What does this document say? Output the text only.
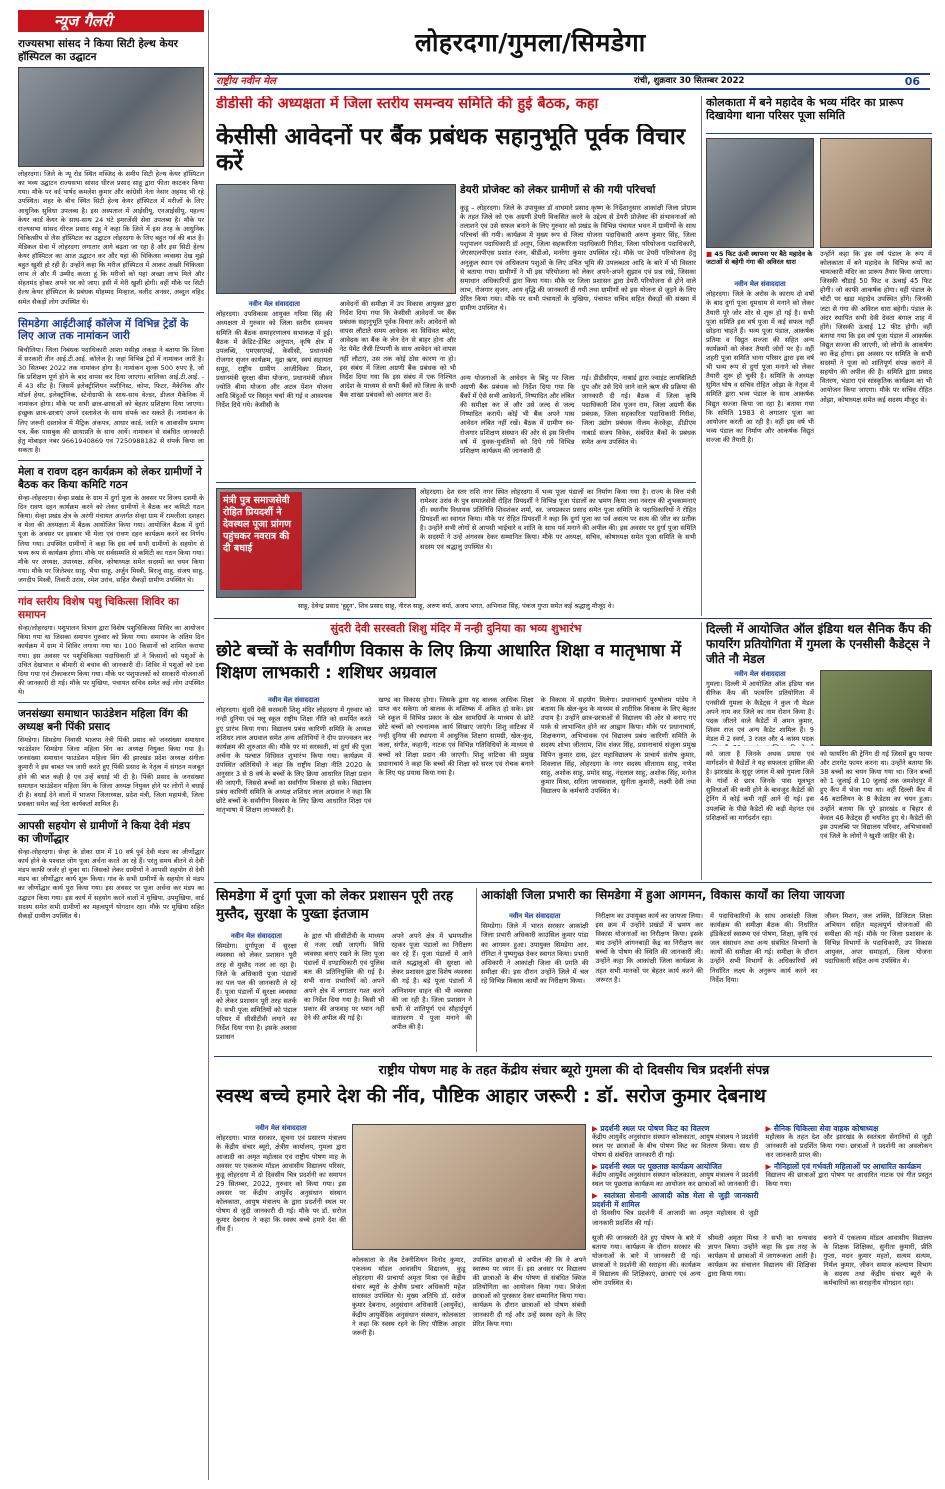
न्यूज गैलरी
राज्यसभा सांसद ने किया सिटी हेल्थ केयर हॉस्पिटल का उद्घाटन
लोहरदगा। जिले के न्यू रोड स्थित मस्जिद के समीप सिटी हेल्थ केयर हॉस्पिटल का भव्य उद्घाटन राज्यसभा सांसद धीरज प्रसाद साहू द्वारा फीता काटकर किया गया। मौके पर वर्द पार्षद कमलेश कुमार और कांग्रेसी नेता नेसार अहमद भी रहे उपस्थित। शहर के बीच स्थित सिटी हेल्थ केयर हॉस्पिटल में मरीजों के लिए आधुनिक सुविधा उपलब्ध है। इस अस्पताल में आईसीयू, एनआईसीयू, पहल्थ केयर कार्ड केयर के साथ-साथ 24 घंटे इमरजेंसी सेवा उपलब्ध है। मौके पर राज्यसभा सांसद धीरज प्रसाद साहू ने कहा कि जिले में इस तरह के आधुनिक चिकित्सीय से लैस हॉस्पिटल का उद्घाटन लोहरदगा के लिए बहुत गर्व की बात है। मेडिकल सेवा में लोहरदगा लगातार आगे बढ़ता जा रहा है और इस सिटी हेल्थ केयर हॉस्पिटल का आज उद्घाटन कर और यहां की चिकित्सा व्यवस्था देख मुझे बहुत खुशी हो रही है। उन्होंने कहा कि मरीज हॉस्पिटल में आकर अच्छी चिकित्सा लाभ ले और मैं उम्मीद करता हूं कि मरीजों को यहां अच्छा लाभ मिले और सेहतमंद होकर अपने घर को जाए। इसी में मेरी खुशी होगी। वहीं मौके पर सिटी हेल्थ केयर हॉस्पिटल के प्रबंधक मोहम्मद मिन्हाज, वलीद अनवर, अब्दुल वहिद समेत सैकड़ों लोग उपस्थित थे।
सिमडेगा आईटीआई कॉलेज में विभिन्न ट्रेडों के लिए आज तक नामांकन जारी
बिचौलिया। जिला निबंधक पदाधिकारी आशा मसीहा लकड़ा ने बताया कि जिला में सरकारी तीन आई.टी.आई. कॉलेज है। जहां विभिन्न ट्रेडों में नामांकन जारी है। 30 सितम्बर 2022 तक नामांकन होगा है। नामांकन शुल्क 500 रुपए है, जो कि प्रशिक्षण पूर्ण होने के बाद वापस कर दिया जाएगा। बालिका आई.टी.आई. - में 43 सीट है। जिसमें इलेक्ट्रीशियन मशीनिस्ट, कोपा, फिटर, मैकेनिक और मॉडर्न हेयर, इलेक्ट्रॉनिक, स्टेनोग्राफी के साथ-साथ वेल्डर, डीजल मैकेनिक में नामांकन होगा। मौके पर सभी छात्र-छात्राओं को बेहतर प्रशिक्षण दिया जाएगा। इच्छुक छात्र-छात्राएं अपने दस्तावेज के साथ संपर्क कर सकते हैं। नामांकन के लिए जरूरी दस्तावेज में मैट्रिक अंकपत्र, आधार कार्ड, जाति व आवासीय प्रमाण पत्र, बैंक पासबुक की छायाप्रति के साथ आयें। नामांकन से संबंधित जानकारी हेतु मोबाइल नंबर 9661940869 एवं 7250988182 से संपर्क किया जा सकता है।
मेला व रावण दहन कार्यक्रम को लेकर ग्रामीणों ने बैठक कर किया कमिटि गठन
सेन्हा-लोहरदगा। सेन्हा प्रखंड के ग्राम में दुर्गा पूजा के अवसर पर विजय दशमी के दिन रावण दहन कार्यक्रम करने को लेकर ग्रामीणों ने बैठक कर कमिटी गठन किया। सेन्हा प्रखंड क्षेत्र के अरंगी पंचायत अन्तर्गत सेन्हा ग्राम में रामलीला दशहरा व मेला की अध्यक्षता में बैठक आयोजित किया गया। आयोजित बैठक में दुर्गा पूजा के अवसर पर इसबार भी मेला एवं रावण दहन कार्यक्रम करने का निर्णय लिया गया। उपस्थित ग्रामीणों ने कहा कि इस वर्ष सभी ग्रामीणों के सहयोग से भव्य रूप से कार्यक्रम होगा। मौके पर सर्वसम्मति से कमिटी का गठन किया गया। मौके पर अध्यक्ष, उपाध्यक्ष, सचिव, कोषाध्यक्ष समेत सदस्यों का चयन किया गया। मौके पर जिलेश्वर साहू, भैया साहू, अर्जुन मिस्त्री, बिरजू साहू, संजय साहू, जगदीप मिस्त्री, तिवारी उरांव, रमेश उरांव, सहित सैकड़ों ग्रामीण उपस्थित थे।
गांव स्तरीय विशेष पशु चिकित्सा शिविर का समापन
सेन्हा/लोहरदगा। पशुपालन विभाग द्वारा विशेष पशुचिकित्सा शिविर का आयोजन किया गया था जिसका समापन गुरुवार को किया गया। समापन के अंतिम दिन कार्यक्रम में ग्राम में शिविर लगाया गया था। 100 किसानों को शामिल कराया गया। इस अवसर पर पशुचिकित्सा पदाधिकारी डॉ ने किसानों को पशुओं के उचित देखभाल व बीमारी से बचाव की जानकारी दी। शिविर में पशुओं को दवा दिया गया एवं टीकाकरण किया गया। मौके पर पशुपालकों को सरकारी योजनाओं की जानकारी दी गई। मौके पर मुखिया, पंचायत सचिव समेत कई लोग उपस्थित थे।
जनसंख्या समाधान फाउंडेशन महिला विंग की अध्यक्ष बनी पिंकी प्रसाद
सिमडेगा। सिमडेगा निवासी भाजपा नेत्री पिंकी प्रसाद को जनसंख्या समाधान फाउंडेशन सिमडेगा जिला महिला विंग का अध्यक्ष नियुक्त किया गया है। जनसंख्या समाधान फाउंडेशन महिला विंग की झारखंड प्रदेश अध्यक्ष संगीता कुमारी ने इस बाबत पत्र जारी करते हुए पिंकी प्रसाद के नेतृत्व में संगठन मजबूत होने की बात कही है एवं उन्हें बधाई भी दी है। पिंकी प्रसाद के जनसंख्या समाधान फाउंडेशन महिला विंग के जिला अध्यक्ष नियुक्त होने पर लोगों ने बधाई दी है। बधाई देने वालों में भाजपा जिलाध्यक्ष, प्रदेश मंत्री, जिला महामंत्री, जिला प्रवक्ता समेत कई नेता कार्यकर्ता शामिल हैं।
आपसी सहयोग से ग्रामीणों ने किया देवी मंडप का जीर्णोद्धार
सेन्हा-लोहरदगा। सेन्हा के डोका ग्राम में 10 वर्ष पूर्व देवी मंडप का जीर्णोद्धार कार्य होने के पश्चात लोग पूजा अर्चना करते आ रहे हैं। परंतु समय बीतने से देवी मंडप काफी जर्जर हो चुका था। जिसको लेकर ग्रामीणों ने आपसी सहयोग से देवी मंडप का जीर्णोद्धार कार्य शुरू किया। गांव के सभी ग्रामीणों के सहयोग से मंडप का जीर्णोद्धार कार्य पूरा किया गया। इस अवसर पर पूजा अर्चना कर मंडप का उद्घाटन किया गया। इस कार्य में सहयोग करने वालों में मुखिया, उपमुखिया, वार्ड सदस्य समेत सभी ग्रामीणों का महत्वपूर्ण योगदान रहा। मौके पर मुखिया सहित सैकड़ों ग्रामीण उपस्थित थे।
लोहरदगा/गुमला/सिमडेगा
राष्ट्रीय नवीन मेल	रांची, शुक्रवार 30 सितम्बर 2022	06
डीडीसी की अध्यक्षता में जिला स्तरीय समन्वय समिति की हुई बैठक, कहा
केसीसी आवेदनों पर बैंक प्रबंधक सहानुभूति पूर्वक विचार करें
डेयरी प्रोजेक्ट को लेकर ग्रामीणों से की गयी परिचर्चा
कुडू – लोहरदगा। जिले के उपायुक्त डॉ वाघमारे प्रसाद कृष्ण के निर्देशानुसार आकांक्षी जिला प्रोग्राम के तहत जिले को एक अग्रणी डेयरी विकसित करने के उद्देश्य से डेयरी प्रोजेक्ट की संभावनाओं को तलाशने एवं उसे सफल बनाने के लिए गुरुवार को प्रखंड के विभिन्न पंचायत भवन में ग्रामीणों के साथ परिचर्चा की गयी। कार्यक्रम में मुख्य रूप से जिला योजना पदाधिकारी अरुण कुमार सिंह, जिला पशुपालन पदाधिकारी डॉ अनूप, जिला सहकारिता पदाधिकारी गिरीश, जिला परियोजना पदाधिकारी, जेएसएलपीएस प्रशांत रंजन, बीडीओ, मनरेगा कुमार उपस्थित रहे। मौके पर डेयरी परियोजना हेतु अनुकूल स्थान एवं अधिकतम पशुओं के लिए उचित भूमि की उपलब्धता आदि के बारे में भी विस्तार से बताया गया। ग्रामीणों ने भी इस परियोजना को लेकर अपने-अपने सुझाव एवं प्रश्न रखे, जिसका समाधान अधिकारियों द्वारा किया गया। मौके पर जिला प्रशासन द्वारा डेयरी परियोजना से होने वाले लाभ, रोजगार सृजन, आय वृद्धि की जानकारी दी गयी तथा ग्रामीणों को इस योजना से जुड़ने के लिए प्रेरित किया गया। मौके पर सभी पंचायतों के मुखिया, पंचायत सचिव सहित सैकड़ों की संख्या में ग्रामीण उपस्थित थे।
नवीन मेल संवाददाता
लोहरदगा। उपविकास आयुक्त गरिमा सिंह की अध्यक्षता में गुरुवार को जिला स्तरीय समन्वय समिति की बैठक समाहरणालय सभाकक्ष में हुई। बैठक में क्रेडिट-डेबिट अनुपात, कृषि क्षेत्र में उपलब्धि, एमएसएमई, केसीसी, प्रधानमंत्री रोजगार सृजन कार्यक्रम, मुद्रा ऋण, स्वयं सहायता समूह, राष्ट्रीय ग्रामीण आजीविका मिशन, प्रधानमंत्री सुरक्षा बीमा योजना, प्रधानमंत्री जीवन ज्योति बीमा योजना और अटल पेंशन योजना आदि बिंदुओं पर विस्तृत चर्चा की गई व आवश्यक निर्देश दिये गये। केसीसी के
आवेदनों की समीक्षा में उप विकास आयुक्त द्वारा निर्देश दिया गया कि केसीसी आवेदनों पर बैंक प्रबंधक सहानुभूति पूर्वक विचार करें। आवेदनों को वापस लौटाते समय आवेदक का विधिवत ब्योरा, आवेदक का बैंक के लेन देन से बाहर होना और नेट पेमेंट जैसी टिप्पणी के साथ आवेदन को वापस नहीं लौटाएं, उस तक कोई ठोस कारण ना हो। इस संबंध में जिला अग्रणी बैंक प्रबंधक को भी निर्देश दिया गया कि इस संबंध में एक निश्चित आदेश के माध्यम से सभी बैंकों को जिला के सभी बैंक शाखा प्रबंधकों को अवगत करा दें।
अन्य योजनाओं के आवेदन के बिंदु पर जिला अग्रणी बैंक प्रबंधक को निर्देश दिया गया कि बैंकों में ऐसे सभी आवेदनों, निष्पादित और लंबित की समीक्षा कर लें और उसे जल्द से जल्द निष्पादित करायें। कोई भी बैंक अपने पास आवेदन लंबित नहीं रखें। बैठक में ग्रामीण स्व-रोजगार प्रशिक्षण संस्थान की ओर से इस वित्तीय वर्ष में युवक-युवतियों को दिये गये विभिन्न प्रशिक्षण कार्यक्रम की जानकारी दी
गई। डीडीसीएम, नाबार्ड द्वारा ज्वाइंट लायबिलिटी ग्रुप और उसे दिये जाने वाले ऋण की प्रक्रिया की जानकारी दी गई। बैठक में जिला कृषि पदाधिकारी शिव पूजन राम, जिला अग्रणी बैंक प्रबंधक, जिला सहकारिता पदाधिकारी गिरीश, जिला उद्योग प्रबंधक नीलम केरकेट्टा, डीडीएम नाबार्ड संजय विवेक, संबंधित बैंकों के प्रबंधक समेत अन्य उपस्थित थे।
मंत्री पुत्र समाजसेवी रोहित प्रियदर्शी ने देवस्थल पूजा प्रांगण पहुंचकर नवरात्र की दी बधाई
लोहरदगा। देश स्तर राशि नगर स्थित लोहरदगा में भव्य पूजा पंडालों का निर्माण किया गया है। राज्य के वित्त मंत्री रामेश्वर उरांव के पुत्र समाजसेवी रोहित प्रियदर्शी ने विभिन्न पूजा पंडालों का भ्रमण किया तथा नवरात्र की शुभकामनाएं दीं। स्थानीय विधायक प्रतिनिधि शिवशंकर शर्मा, स्व. जयप्रकाश प्रसाद समेत पूजा समिति के पदाधिकारियों ने रोहित प्रियदर्शी का स्वागत किया। मौके पर रोहित प्रियदर्शी ने कहा कि दुर्गा पूजा का पर्व असत्य पर सत्य की जीत का प्रतीक है। उन्होंने सभी लोगों से आपसी भाईचारे व शांति के साथ पर्व मनाने की अपील की। इस अवसर पर दुर्गा पूजा समिति के सदस्यों ने उन्हें अंगवस्त्र देकर सम्मानित किया। मौके पर अध्यक्ष, सचिव, कोषाध्यक्ष समेत पूजा समिति के सभी सदस्य एवं श्रद्धालु उपस्थित थे।
साहू, देवेन्द्र प्रसाद 'हुद्दून', शिव प्रसाद साहू, नीरज साहू, अरुण वर्मा, अजय भगत, अभिनाश सिंह, पंकज गुप्ता समेत कई श्रद्धालु मौजूद थे।
कोलकाता में बने महादेव के भव्य मंदिर का प्रारूप दिखायेगा थाना परिसर पूजा समिति
■ 45 फिट ऊंची स्थापना पर बैठे महादेव के जटाओं से बहेगी गंगा की अविरल धारा
नवीन मेल संवाददाता
लोहरदगा। जिले के अरोस के काराय दो वर्षों के बाद दुर्गा पूजा धूमधाम से मनाने को लेकर तैयारी पूरे जोर शोर से शुरू हो गई है। सभी पूजा समिति इस वर्ष पूजा में कई सफल नहीं छोड़ना चाहते हैं। भव्य पूजा पंडाल, आकर्षक प्रतिमा व विद्युत सज्जा की सहित अन्य कार्यक्रमों को लेकर तैयारी जोरों पर है। वहीं शहरी पूजा समिति थाना परिसर द्वारा इस वर्ष भी भव्य रूप से दुर्गा पूजा मनाने को लेकर तैयारी शुरू हो चुकी है। समिति के अध्यक्ष सुमित घोष व सचिव रोहित ओझा के नेतृत्व में समिति द्वारा भव्य पंडाल के साथ आकर्षक विद्युत सज्जा किया जा रहा है। बताया गया कि समिति 1983 से लगातार पूजा का आयोजन करती आ रही है। वहीं इस वर्ष भी भव्य पंडाल का निर्माण और आकर्षक विद्युत सज्जा की तैयारी है।
उन्होंने कहा कि इस वर्ष पंडाल के रूप में कोलकाता में बने महादेव के विभिन्न रूपों का चामत्कारी मंदिर का प्रारूप तैयार किया जाएगा। जिसकी चौड़ाई 50 फिट व ऊंचाई 45 फिट होगी। जो काफी आकर्षक होगा। वहीं पंडाल के चोटी पर खड़ा महादेव उपस्थित होंगे। जिनकी जटा से गंगा की अविरल धारा बहेगी। पंडाल के अंदर स्थापित सभी देवी देवता बंगाल शाह में होंगे। जिसकी ऊंचाई 12 फीट होगी। वहीं बताया गया कि इस वर्ष पूजा पंडाल में आकर्षक विद्युत सज्जा की जाएगी, जो लोगों के आकर्षण का केंद्र होगा। इस अवसर पर समिति के सभी सदस्यों ने पूजा को शांतिपूर्ण संपन्न कराने में सहयोग की अपील की है। समिति द्वारा प्रसाद वितरण, भंडारा एवं सांस्कृतिक कार्यक्रम का भी आयोजन किया जाएगा। मौके पर सचिव रोहित ओझा, कोषाध्यक्ष समेत कई सदस्य मौजूद थे।
सुंदरी देवी सरस्वती शिशु मंदिर में नन्ही दुनिया का भव्य शुभारंभ
छोटे बच्चों के सर्वांगीण विकास के लिए क्रिया आधारित शिक्षा व मातृभाषा में शिक्षण लाभकारी : शशिधर अग्रवाल
नवीन मेल संवाददाता
लोहरदगा। सुंदरी देवी सरस्वती शिशु मंदिर लोहरदगा में गुरुवार को नन्ही दुनिया एवं फ्लू स्कूल राष्ट्रीय शिक्षा नीति को समर्पित करते हुए प्रारंभ किया गया। विद्यालय प्रबंध कारिणी समिति के अध्यक्ष शशिधर लाल अग्रवाल समेत अन्य अतिथियों ने दीप प्रज्ज्वलन कर कार्यक्रम की शुरुआत की। मौके पर मां सरस्वती, मां दुर्गा की पूजा अर्चना के पश्चात विधिवत शुभारंभ किया गया। कार्यक्रम में उपस्थित अतिथियों ने कहा कि राष्ट्रीय शिक्षा नीति 2020 के अनुसार 3 से 8 वर्ष के बच्चों के लिए क्रिया आधारित शिक्षा प्रदान की जाएगी, जिससे बच्चों का सर्वांगीण विकास हो सके। विद्यालय प्रबंध कारिणी समिति के अध्यक्ष शशिधर लाल अग्रवाल ने कहा कि छोटे बच्चों के सर्वांगीण विकास के लिए क्रिया आधारित शिक्षा एवं मातृभाषा में शिक्षण लाभकारी है।
खण्ड का विकास होगा। जिसके द्वारा यह बालक आधिक शिक्षा प्राप्त कर सकेगा जो बालक के मस्तिष्क में अंकित हो सके। इस प्ले स्कूल में विभिन्न प्रकार के खेल सामग्रियों के माध्यम से छोटे छोटे बच्चों को रचनात्मक कार्य सिखाए जाएंगे। शिशु वाटिका में नन्ही दुनिया की स्थापना में आधुनिक शिक्षण सामग्री, खेल-कूद, कला, संगीत, कहानी, नाटक एवं विभिन्न गतिविधियों के माध्यम से बच्चों को शिक्षा प्रदान की जाएगी। शिशु वाटिका की प्रमुख प्रधानाचार्य ने कहा कि बच्चों की शिक्षा को सरल एवं रोचक बनाने के लिए यह प्रयास किया गया है।
के विकास में सहयोग मिलेगा। प्रधानाचार्य पुरुषोत्तम पांडेय ने बताया कि खेल-कूद के माध्यम से शारीरिक विकास के लिए बेहतर उपाय है। उन्होंने छात्र-छात्राओं से विद्यालय की ओर से बनाए गए पार्क से लाभान्वित होने का आह्वान किया। मौके पर प्रधानाचार्य, शिक्षकगण, अभिभावक एवं विद्यालय प्रबंध कारिणी समिति के सदस्य शोभा जीतराम, शिव शंकर सिंह, प्रधानाचार्य संजुला प्रमुख विपिन कुमार दास, इंटर महाविद्यालय के प्राचार्य संतोष कुमार, शिवलाल सिंह, लोहरदगा के नगर सदस्य सीताराम साहू, गणेश साहू, अशोक साहू, प्रमोद साहू, नंदलाल साहू, अशोक सिंह, मनोज कुमार मिश्रा, सरिता जायसवाल, सुनीता कुमारी, लक्ष्मी देवी तथा विद्यालय के कर्मचारी उपस्थित थे।
दिल्ली में आयोजित ऑल इंडिया थल सैनिक कैंप की फायरिंग प्रतियोगिता में गुमला के एनसीसी कैडेट्स ने जीते नौ मेडल
नवीन मेल संवाददाता
गुमला। दिल्ली में आयोजित ऑल इंडिया थल सैनिक कैंप की फायरिंग प्रतियोगिता में एनसीसी गुमला के कैडेट्स ने कुल नौ मेडल अपने नाम कर जिले का नाम रोशन किया है। पदक जीतने वाले कैडेटों में अमन कुमार, शिवम राज एवं अन्य कैडेट शामिल हैं। 9 मेडल में 2 स्वर्ण, 3 रजत और 4 कांस्य पदक
को जाता है जिनके अथक प्रयास एवं मार्गदर्शन से कैडेटों ने यह सफलता हासिल की है। झारखंड के सुदूर जंगल में बसे गुमला जिले के गांवों से छात्र जिनके पास मूलभूत सुविधाओं की कमी होने के बावजूद कैडेटों की ट्रेनिंग में कोई कमी नहीं आने दी गई। इस उपलब्धि के पीछे कैडेटों की कड़ी मेहनत एवं प्रशिक्षकों का मार्गदर्शन रहा।
को फायरिंग की ट्रेनिंग दी गई जिसमें ब्रुप फायर और टारगेट फायर करना था। उन्होंने बताया कि 38 बच्चों का चयन किया गया था। जिन बच्चों को 1 जुलाई से 10 जुलाई तक जमशेदपुर में हुए कैंप में भेजा गया था। वहीं दिल्ली कैंप में 46 बटालियन के 8 कैडेटस का चयन हुआ। उन्होंने बताया कि पूरे झारखंड व बिहार से केवल 46 कैडेट्स ही चयनित हुए थे। कैडेटों की इस उपलब्धि पर विद्यालय परिवार, अभिभावकों एवं जिले के लोगों ने खुशी जाहिर की है।
सिमडेगा में दुर्गा पूजा को लेकर प्रशासन पूरी तरह मुस्तैद, सुरक्षा के पुख्ता इंतजाम
नवीन मेल संवाददाता
सिमडेगा। दुर्गापूजा में सुरक्षा व्यवस्था को लेकर प्रशासन पूरी तरह से मुस्तैद नजर आ रहा है। जिले के अधिकारी पूजा पंडालों का पल पल की जानकारी ले रहे हैं। पूजा पंडालों में सुरक्षा व्यवस्था को लेकर प्रशासन पूरी तरह सतर्क है। सभी पूजा समितियों को पंडाल परिसर में सीसीटीवी लगाने का निर्देश दिया गया है। इसके अलावा प्रशासन
के द्वारा भी सीसीटीवी के माध्यम से नजर रखी जाएगी। विधि व्यवस्था बनाए रखने के लिए पूजा पंडालों में दण्डाधिकारी एवं पुलिस बल की प्रतिनियुक्ति की गई है। सभी थाना प्रभारियों को अपने अपने क्षेत्र में लगातार गश्त करने का निर्देश दिया गया है। किसी भी प्रकार की अफवाह पर ध्यान नहीं देने की अपील की गई है।
अपने अपने क्षेत्र में भ्रमणशील रहकर पूजा पंडालों का निरीक्षण कर रहे हैं। पूजा पंडालों में आने वाले श्रद्धालुओं की सुरक्षा को लेकर प्रशासन द्वारा विशेष व्यवस्था की गई है। बड़े पूजा पंडालों में अग्निशमन वाहन की भी व्यवस्था की जा रही है। जिला प्रशासन ने सभी से शांतिपूर्ण एवं सौहार्दपूर्ण वातावरण में पूजा मनाने की अपील की है।
आकांक्षी जिला प्रभारी का सिमडेगा में हुआ आगमन, विकास कार्यों का लिया जायजा
नवीन मेल संवाददाता
सिमडेगा। जिले में भारत सरकार आकांक्षी जिला प्रभारी अधिकारी काउंसिल कुमार पांडा का आगमन हुआ। उपायुक्त सिमडेगा आर. रॉनिटा ने पुष्पगुच्छ देकर स्वागत किया। प्रभारी अधिकारी ने आकांक्षी जिला की प्रगति की समीक्षा की। इस दौरान उन्होंने जिले में चल रहे विभिन्न विकास कार्यों का निरीक्षण किया।
निरीक्षण का उपायुक्त कार्य का जायजा लिया। इस क्रम में उन्होंने प्रखंडों में भ्रमण कर विकास योजनाओं का निरीक्षण किया। इसके बाद उन्होंने आंगनबाड़ी केंद्र का निरीक्षण कर बच्चों के पोषण की स्थिति की जानकारी ली। उन्होंने कहा कि आकांक्षी जिला कार्यक्रम के तहत सभी मानकों पर बेहतर कार्य करने की जरूरत है।
में पदाधिकारियों के साथ आकांक्षी जिला कार्यक्रम की समीक्षा बैठक की। निर्धारित इंडिकेटर्स स्वास्थ्य एवं पोषण, शिक्षा, कृषि एवं जल संसाधन तथा अन्य संबंधित विभागों के कार्यों की समीक्षा की गई। समीक्षा के दौरान उन्होंने सभी विभागों के अधिकारियों को निर्धारित लक्ष्य के अनुरूप कार्य करने का निर्देश दिया।
जीवन मिशन, जल शक्ति, डिजिटल शिक्षा अभियान सहित महत्वपूर्ण योजनाओं की समीक्षा की गई। मौके पर जिला प्रशासन के विभिन्न विभागों के पदाधिकारी, उप विकास आयुक्त, अपर समाहर्ता, जिला योजना पदाधिकारी सहित अन्य उपस्थित थे।
राष्ट्रीय पोषण माह के तहत केंद्रीय संचार ब्यूरो गुमला की दो दिवसीय चित्र प्रदर्शनी संपन्न
स्वस्थ बच्चे हमारे देश की नींव, पौष्टिक आहार जरूरी : डॉ. सरोज कुमार देबनाथ
नवीन मेल संवाददाता
लोहरदगा। भारत सरकार, सूचना एवं प्रसारण मंत्रालय के केंद्रीय संचार ब्यूरो, क्षेत्रीय कार्यालय, गुमला द्वारा आजादी का अमृत महोत्सव एवं राष्ट्रीय पोषण माह के अवसर पर एकलव्य मॉडल आवासीय विद्यालय परिसर, कुडू लोहरदगा में दो दिवसीय चित्र प्रदर्शनी का समापन 29 सितम्बर, 2022, गुरुवार को किया गया। इस अवसर पर केंद्रीय आयुर्वेद अनुसंधान संस्थान कोलकाता, आयुष मंत्रालय के द्वारा प्रदर्शनी स्थल पर पोषण से जुड़ी जानकारी दी गई। मौके पर डॉ. सरोज कुमार देबनाथ ने कहा कि स्वस्थ बच्चे हमारे देश की नींव हैं।
कोलकाता के लैब टेक्नीशियन विनोद कुमार, एकलव्य मॉडल आवासीय विद्यालय, कुडू लोहरदगा की प्राचार्या अमृता मिश्रा एवं केंद्रीय संचार ब्यूरो के क्षेत्रीय प्रचार अधिकारी महेश सारस्वत उपस्थित थे। मुख्य अतिथि डॉ. सरोज कुमार देबनाथ, अनुसंधान अधिकारी (आयुर्वेद), केंद्रीय आयुर्वेदिक अनुसंधान संस्थान, कोलकाता ने कहा कि स्वस्थ रहने के लिए पौष्टिक आहार जरूरी है।
उपस्थित छात्राओं से अपील की कि वे अपने स्वास्थ्य पर ध्यान दें। इस अवसर पर विद्यालय की छात्राओं के बीच पोषण से संबंधित क्विज प्रतियोगिता का आयोजन किया गया। विजेता छात्राओं को पुरस्कार देकर सम्मानित किया गया। कार्यक्रम के दौरान छात्राओं को पोषण संबंधी जानकारी दी गई और उन्हें स्वस्थ रहने के लिए प्रेरित किया गया।
▶ प्रदर्शनी स्थल पर पोषण किट का वितरण
केंद्रीय आयुर्वेद अनुसंधान संस्थान कोलकाता, आयुष मंत्रालय ने प्रदर्शनी स्थल पर छात्राओं के बीच पोषण किट का वितरण किया। साथ ही पोषण से संबंधित जानकारी दी गई।
▶ प्रदर्शनी स्थल पर पूछताछ कार्यक्रम आयोजित
केंद्रीय आयुर्वेद अनुसंधान संस्थान कोलकाता, आयुष मंत्रालय ने प्रदर्शनी स्थल पर पूछताछ कार्यक्रम का आयोजन कर छात्राओं को जानकारी दी।
▶ स्वतंत्रता सेनानी आजादी कोष्ठ मेला से जुड़ी जानकारी प्रदर्शनी में शामिल
दो दिवसीय चित्र प्रदर्शनी में आजादी का अमृत महोत्सव से जुड़ी जानकारी प्रदर्शित की गई।
▶ सैनिक चिकित्सा सेवा वाहक कोषाध्यक्ष
महोत्सव के तहत देश और झारखंड के स्वतंत्रता सेनानियों से जुड़ी जानकारी को प्रदर्शित किया गया। छात्राओं ने प्रदर्शनी का अवलोकन कर जानकारी प्राप्त की।
▶ नौनिहालों एवं गर्भवती महिलाओं पर आधारित कार्यक्रम
विद्यालय की छात्राओं द्वारा पोषण पर आधारित नाटक एवं गीत प्रस्तुत किया गया।
सूजी की जानकारी देते हुए पोषण के बारे में बताया गया। कार्यक्रम के दौरान सरकार की योजनाओं के बारे में जानकारी दी गई। छात्राओं ने प्रदर्शनी की सराहना की। कार्यक्रम में विद्यालय की शिक्षिकाएं, छात्राएं एवं अन्य लोग उपस्थित थे।
श्रीमती अमृता मिश्रा ने सभी का धन्यवाद ज्ञापन किया। उन्होंने कहा कि इस तरह के कार्यक्रम से छात्राओं में जागरूकता आती है। कार्यक्रम का संचालन विद्यालय की शिक्षिका द्वारा किया गया।
बनाने में एकलव्य मॉडल आवासीय विद्यालय के शिक्षक शिक्षिका, सुनीता कुमारी, प्रीति गुप्ता, मदन कुमार महतो, सत्यम सत्यम, निर्मल कुमार, जीवन समाज कल्याण विभाग के सदस्य तथा केंद्रीय संचार ब्यूरो के कर्मचारियों का सराहनीय योगदान रहा।
